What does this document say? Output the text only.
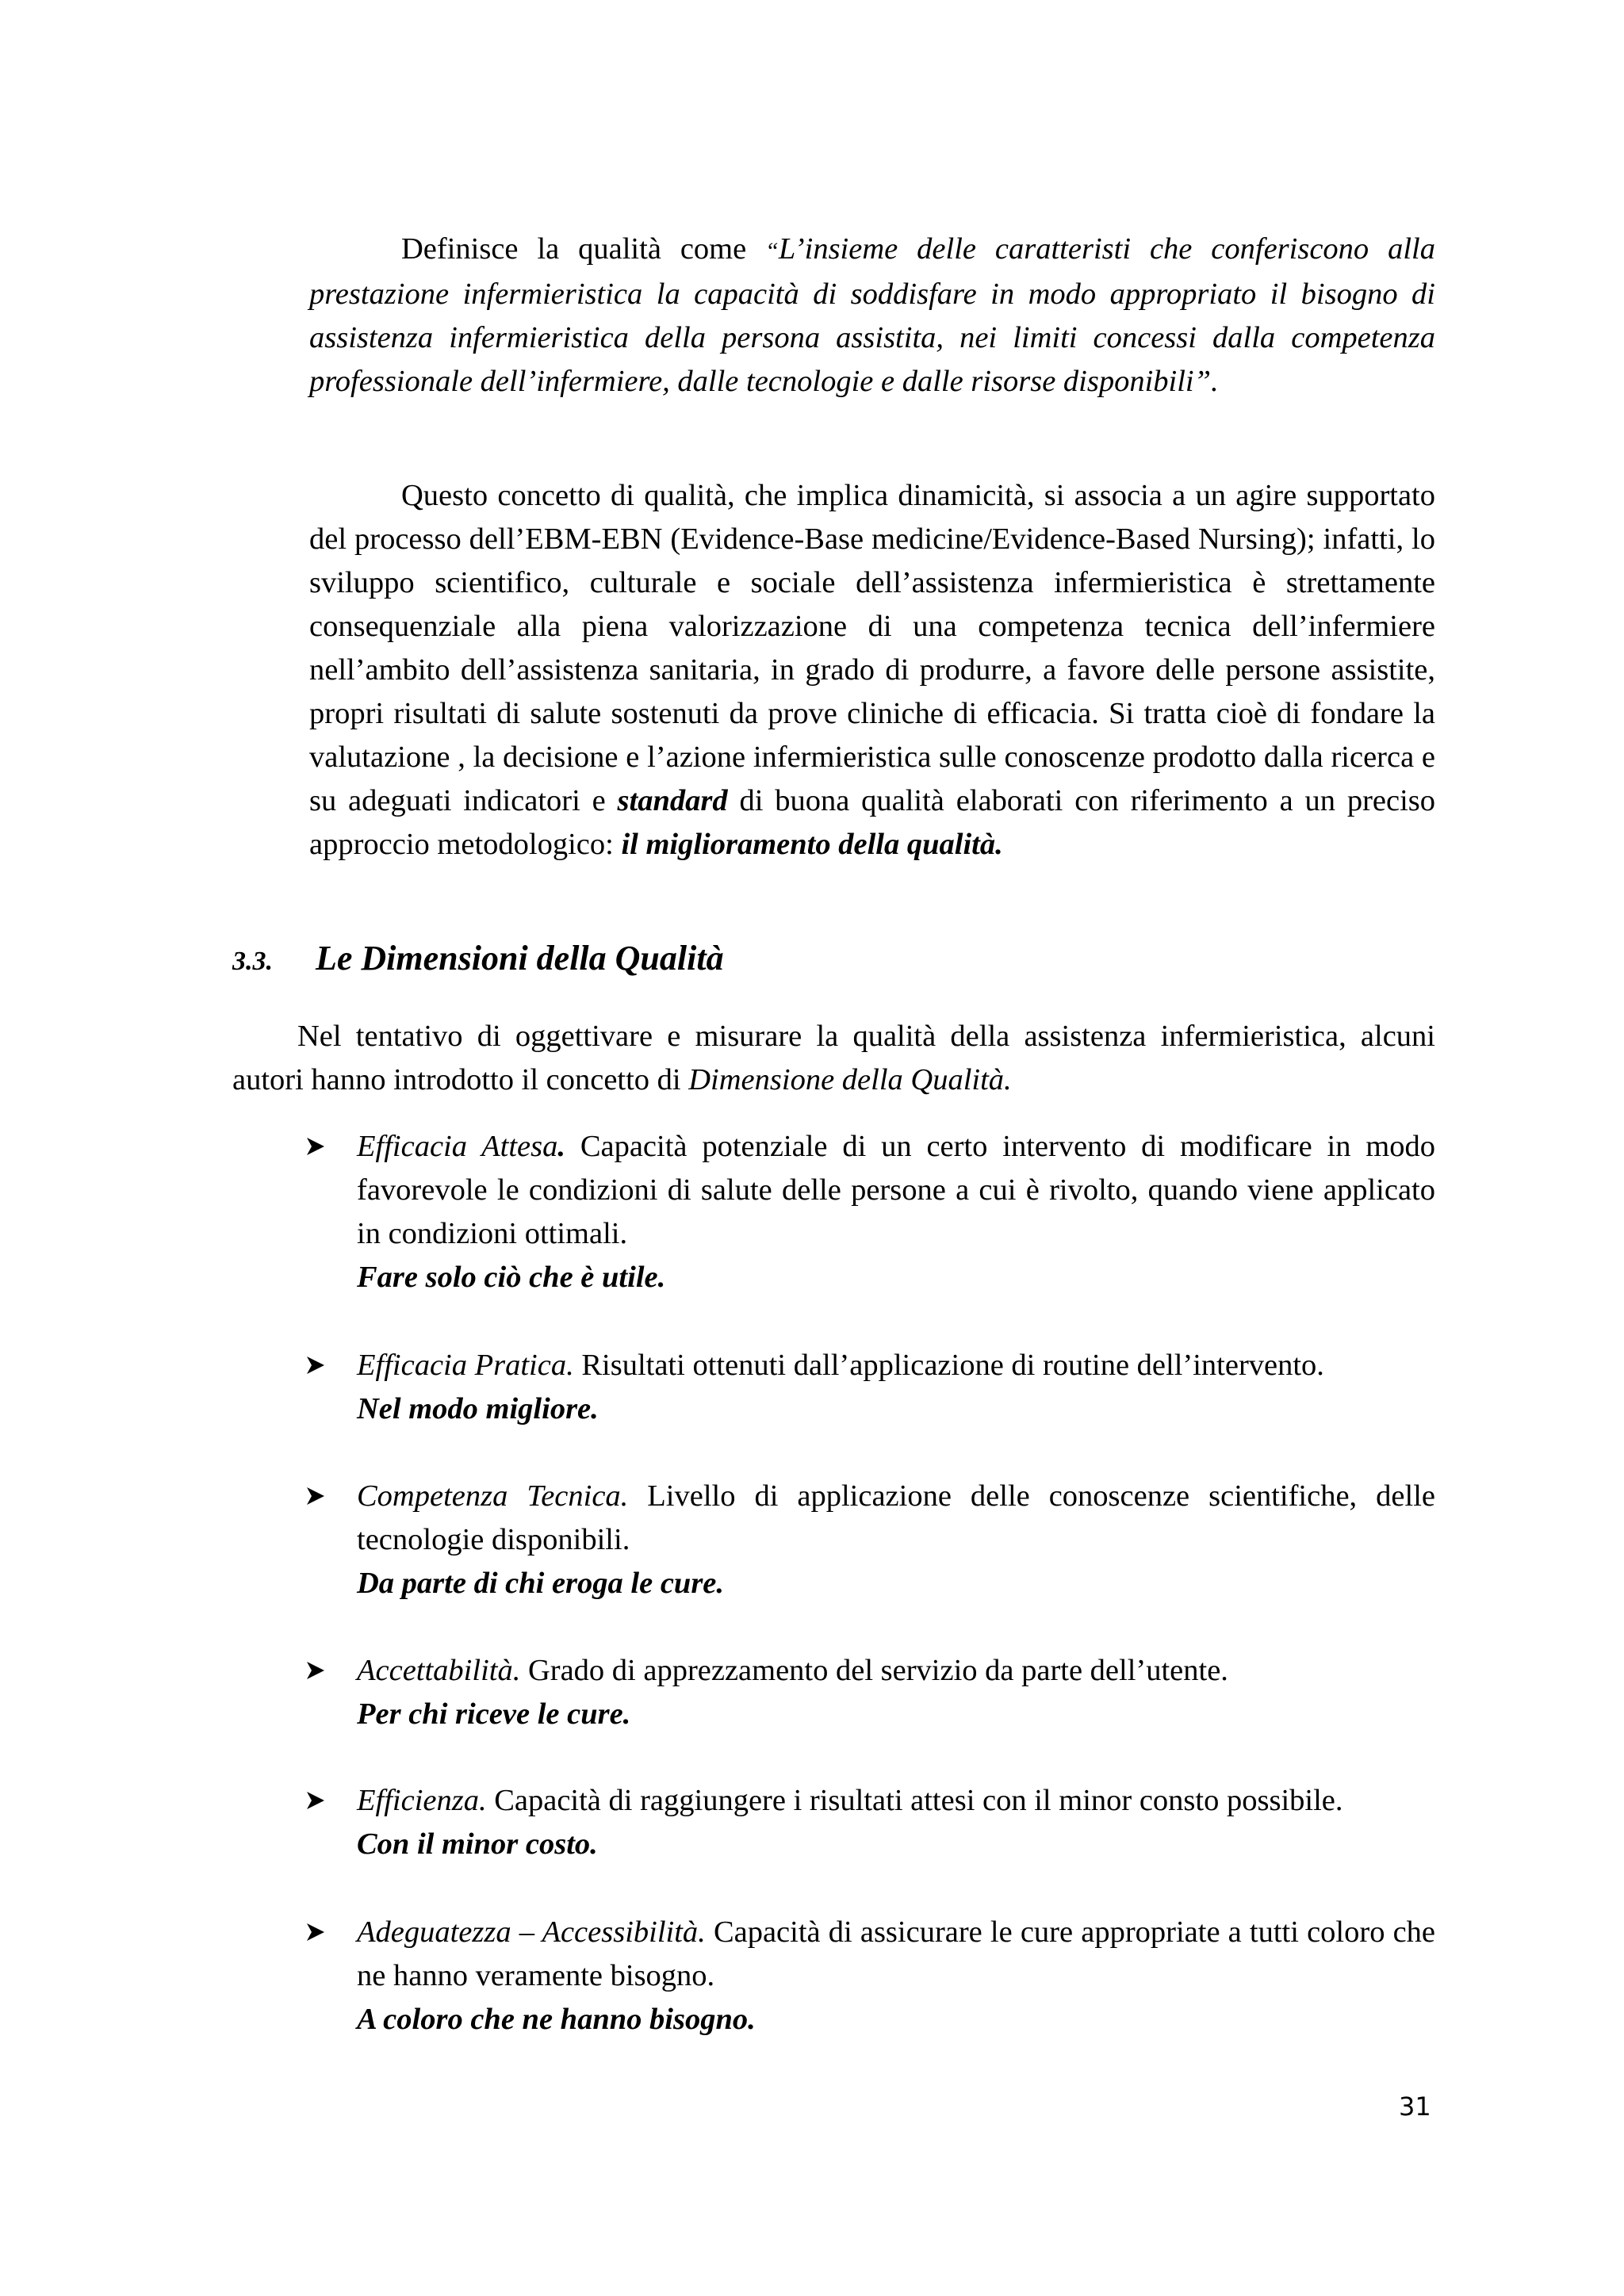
Definisce la qualità come “L’insieme delle caratteristi che conferiscono alla prestazione infermieristica la capacità di soddisfare in modo appropriato il bisogno di assistenza infermieristica della persona assistita, nei limiti concessi dalla competenza professionale dell’infermiere, dalle tecnologie e dalle risorse disponibili”.

Questo concetto di qualità, che implica dinamicità, si associa a un agire supportato del processo dell’EBM-EBN (Evidence-Base medicine/Evidence-Based Nursing); infatti, lo sviluppo scientifico, culturale e sociale dell’assistenza infermieristica è strettamente consequenziale alla piena valorizzazione di una competenza tecnica dell’infermiere nell’ambito dell’assistenza sanitaria, in grado di produrre, a favore delle persone assistite, propri risultati di salute sostenuti da prove cliniche di efficacia. Si tratta cioè di fondare la valutazione , la decisione e l’azione infermieristica sulle conoscenze prodotto dalla ricerca e su adeguati indicatori e standard di buona qualità elaborati con riferimento a un preciso approccio metodologico: il miglioramento della qualità.

3.3. Le Dimensioni della Qualità

Nel tentativo di oggettivare e misurare la qualità della assistenza infermieristica, alcuni autori hanno introdotto il concetto di Dimensione della Qualità.

Efficacia Attesa. Capacità potenziale di un certo intervento di modificare in modo favorevole le condizioni di salute delle persone a cui è rivolto, quando viene applicato in condizioni ottimali.
Fare solo ciò che è utile.
Efficacia Pratica. Risultati ottenuti dall’applicazione di routine dell’intervento.
Nel modo migliore.
Competenza Tecnica. Livello di applicazione delle conoscenze scientifiche, delle tecnologie disponibili.
Da parte di chi eroga le cure.
Accettabilità. Grado di apprezzamento del servizio da parte dell’utente.
Per chi riceve le cure.
Efficienza. Capacità di raggiungere i risultati attesi con il minor consto possibile.
Con il minor costo.
Adeguatezza – Accessibilità. Capacità di assicurare le cure appropriate a tutti coloro che ne hanno veramente bisogno.
A coloro che ne hanno bisogno.

31
